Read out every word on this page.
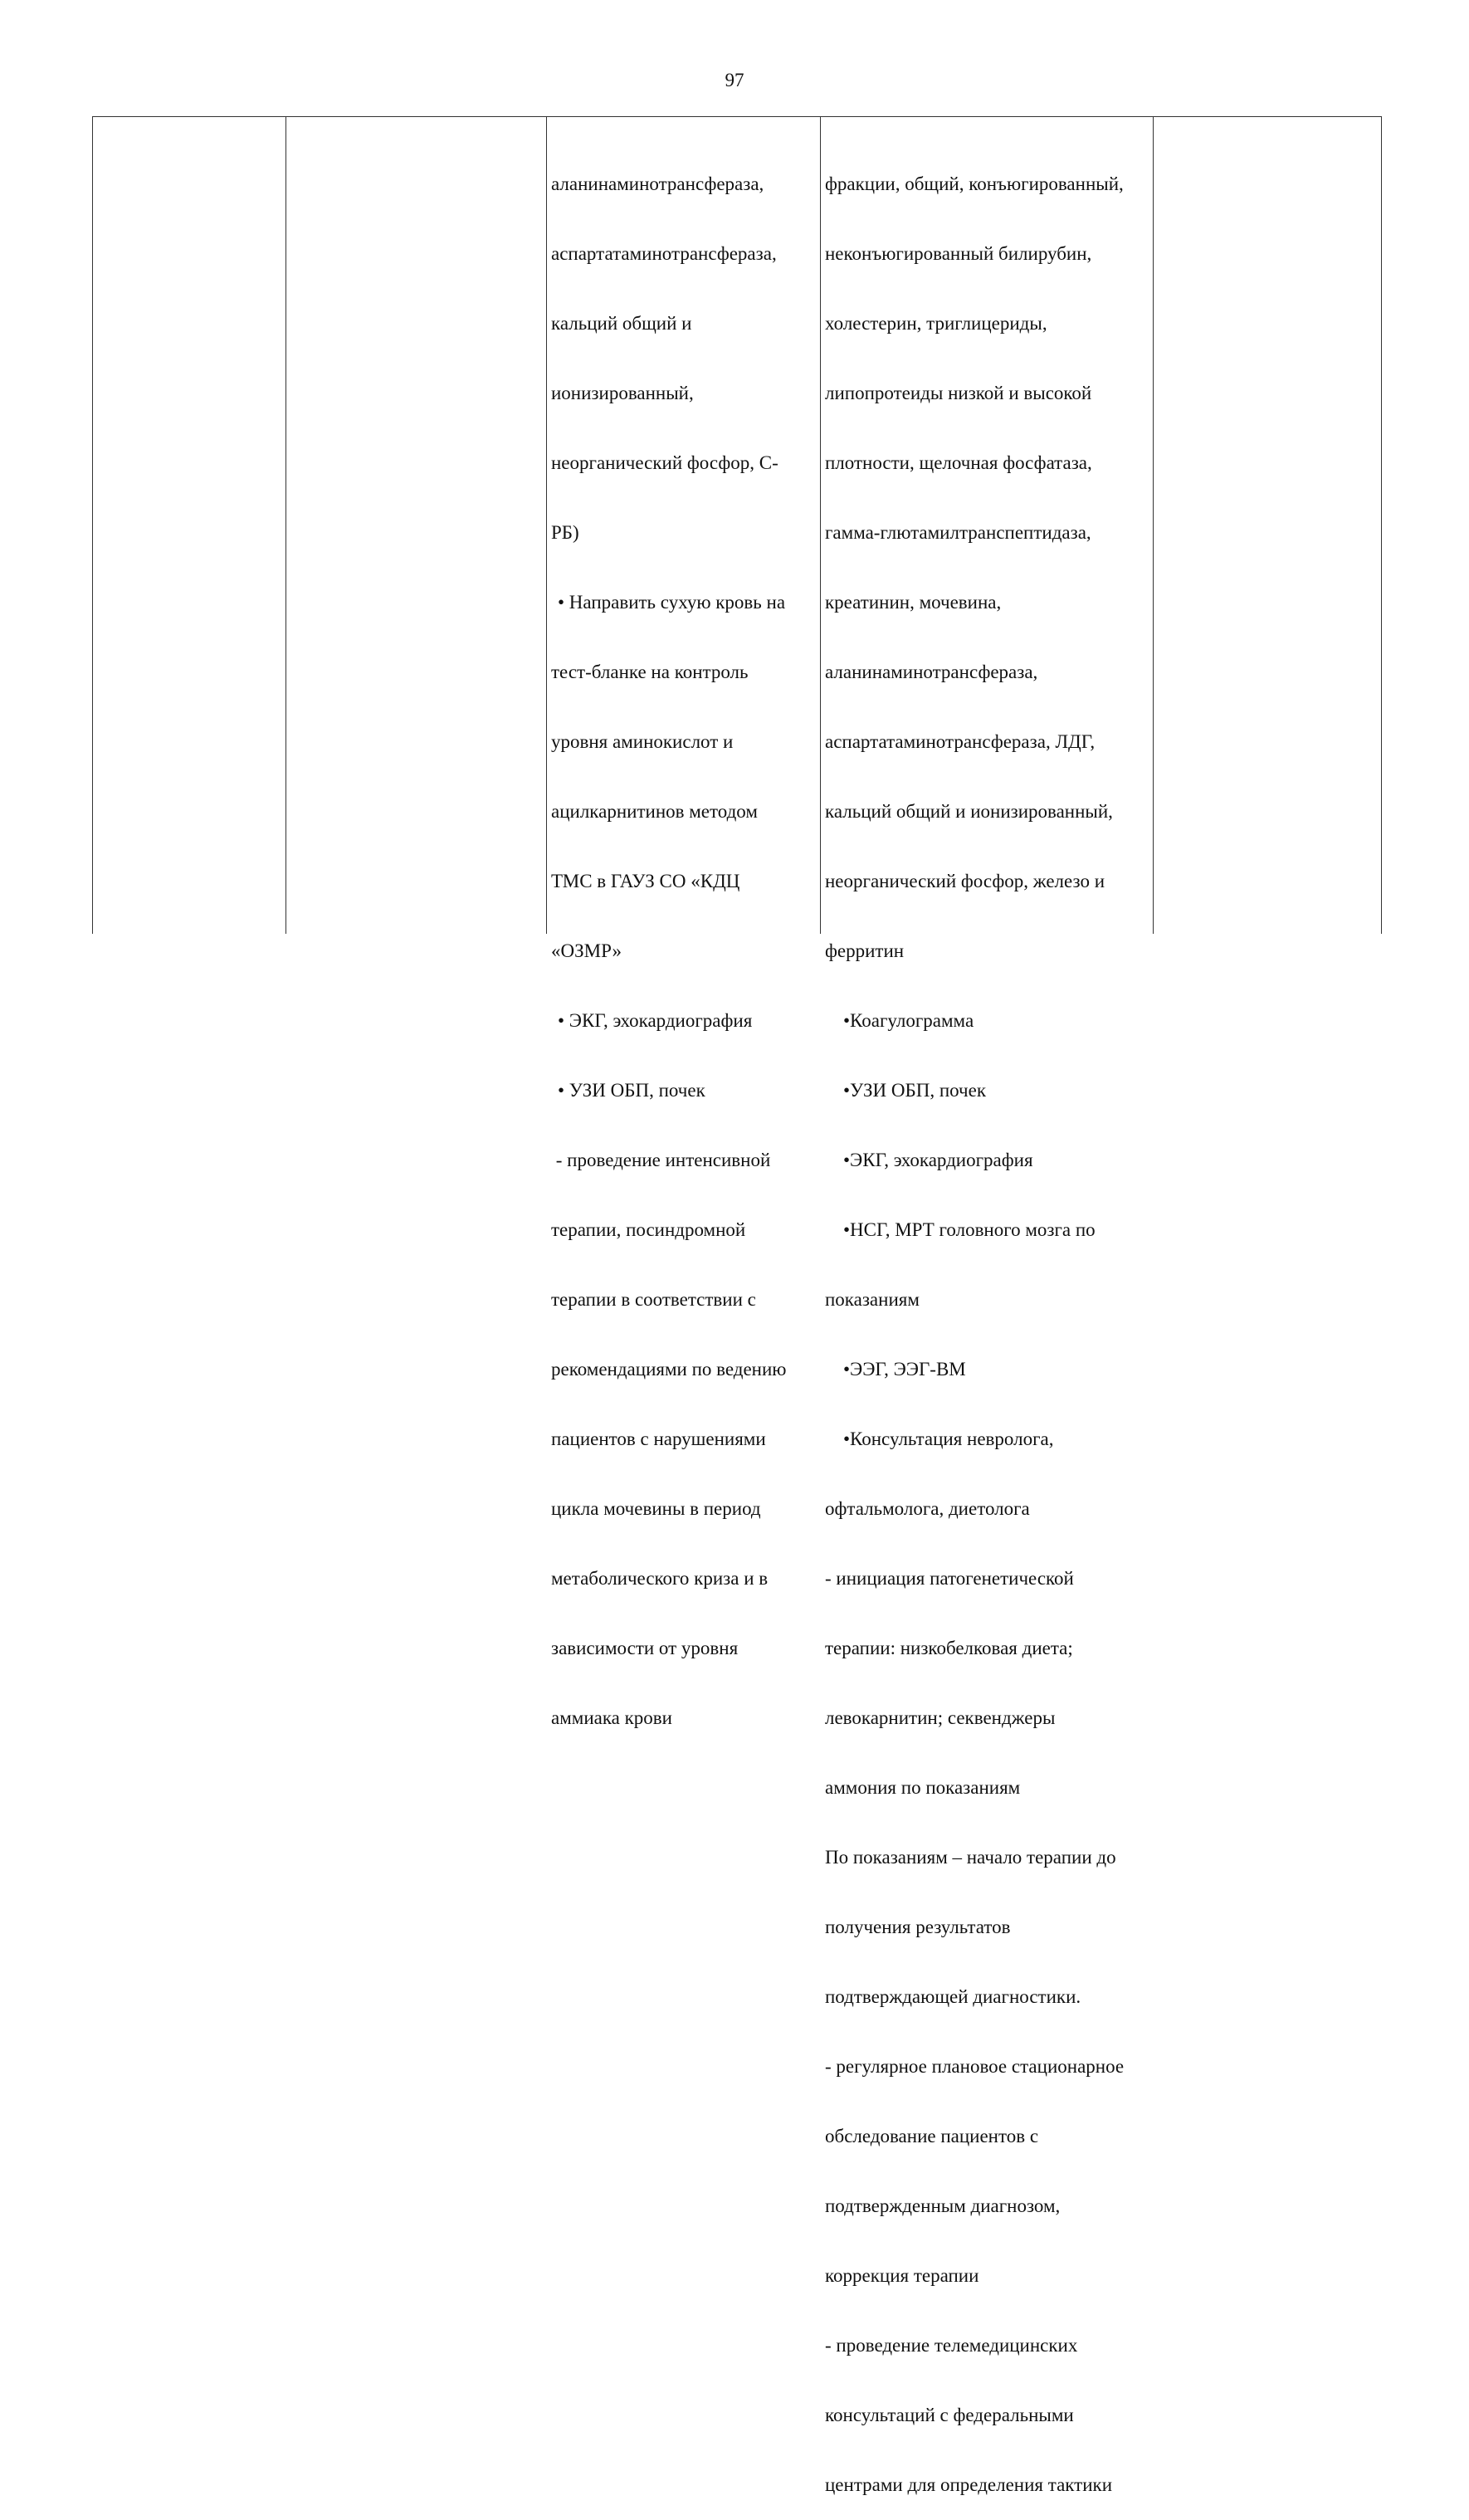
97

аланинаминотрансфераза,

аспартатаминотрансфераза,

кальций общий и

ионизированный,

неорганический фосфор, С-

РБ)

• Направить сухую кровь на

тест-бланке на контроль

уровня аминокислот и

ацилкарнитинов методом

ТМС в ГАУЗ СО «КДЦ

«ОЗМР»

• ЭКГ, эхокардиография

• УЗИ ОБП, почек

- проведение интенсивной

терапии, посиндромной

терапии в соответствии с

рекомендациями по ведению

пациентов с нарушениями

цикла мочевины в период

метаболического криза и в

зависимости от уровня

аммиака крови

фракции, общий, конъюгированный,

неконъюгированный билирубин,

холестерин, триглицериды,

липопротеиды низкой и высокой

плотности, щелочная фосфатаза,

гамма-глютамилтранспептидаза,

креатинин, мочевина,

аланинаминотрансфераза,

аспартатаминотрансфераза, ЛДГ,

кальций общий и ионизированный,

неорганический фосфор, железо и

ферритин

•Коагулограмма

•УЗИ ОБП, почек

•ЭКГ, эхокардиография

•НСГ, МРТ головного мозга по

показаниям

•ЭЭГ, ЭЭГ-ВМ

•Консультация невролога,

офтальмолога, диетолога

- инициация патогенетической

терапии: низкобелковая диета;

левокарнитин; секвенджеры

аммония по показаниям

По показаниям – начало терапии до

получения результатов

подтверждающей диагностики.

- регулярное плановое стационарное

обследование пациентов с

подтвержденным диагнозом,

коррекция терапии

- проведение телемедицинских

консультаций с федеральными

центрами для определения тактики
